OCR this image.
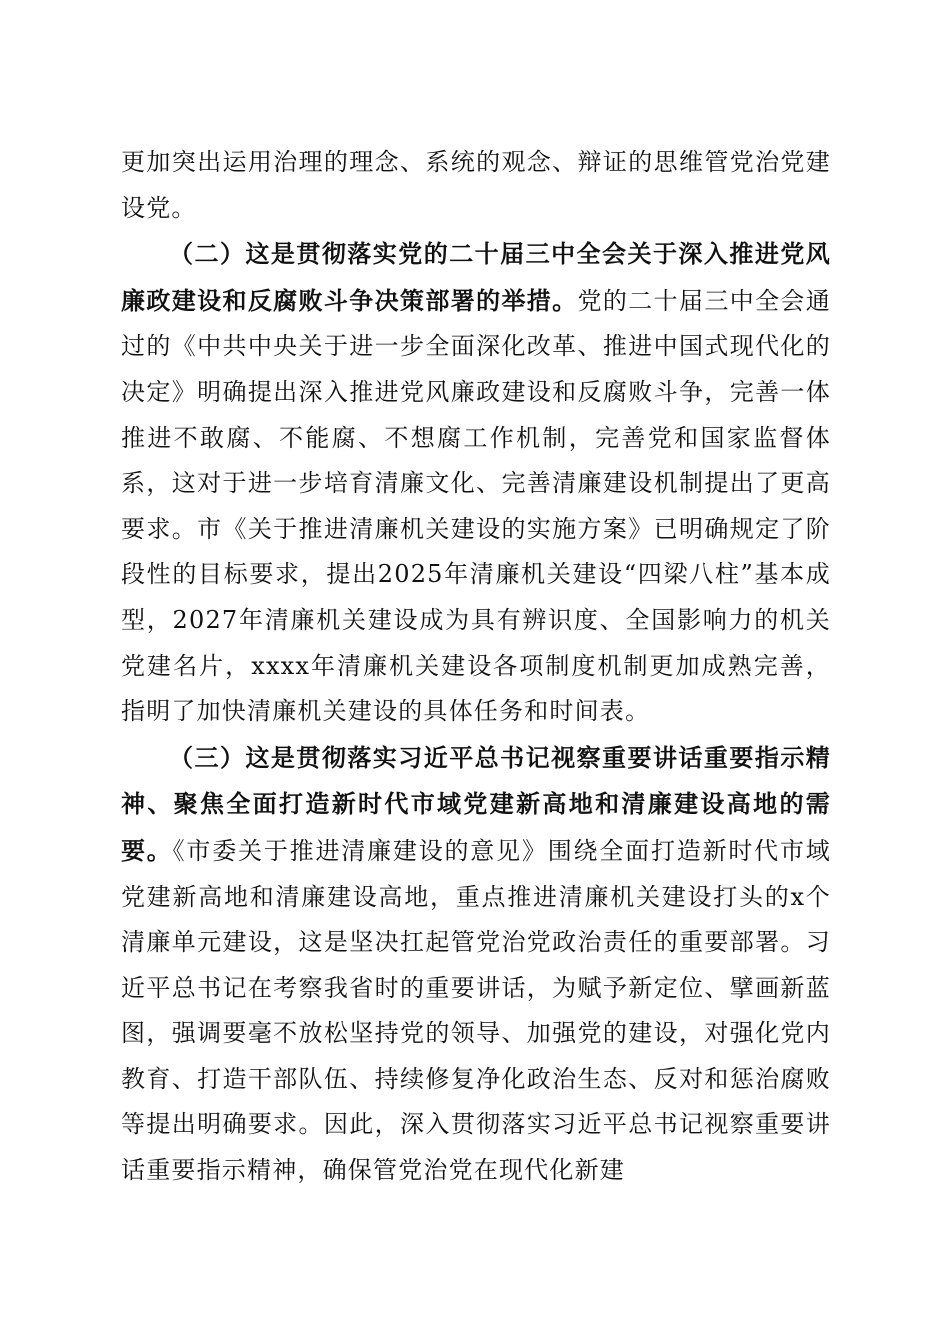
更加突出运用治理的理念、系统的观念、辩证的思维管党治党建设党。

（二）这是贯彻落实党的二十届三中全会关于深入推进党风廉政建设和反腐败斗争决策部署的举措。党的二十届三中全会通过的《中共中央关于进一步全面深化改革、推进中国式现代化的决定》明确提出深入推进党风廉政建设和反腐败斗争，完善一体推进不敢腐、不能腐、不想腐工作机制，完善党和国家监督体系，这对于进一步培育清廉文化、完善清廉建设机制提出了更高要求。市《关于推进清廉机关建设的实施方案》已明确规定了阶段性的目标要求，提出2025年清廉机关建设“四梁八柱”基本成型，2027年清廉机关建设成为具有辨识度、全国影响力的机关党建名片，xxxx年清廉机关建设各项制度机制更加成熟完善，指明了加快清廉机关建设的具体任务和时间表。

（三）这是贯彻落实习近平总书记视察重要讲话重要指示精神、聚焦全面打造新时代市域党建新高地和清廉建设高地的需要。《市委关于推进清廉建设的意见》围绕全面打造新时代市域党建新高地和清廉建设高地，重点推进清廉机关建设打头的x个清廉单元建设，这是坚决扛起管党治党政治责任的重要部署。习近平总书记在考察我省时的重要讲话，为赋予新定位、擘画新蓝图，强调要毫不放松坚持党的领导、加强党的建设，对强化党内教育、打造干部队伍、持续修复净化政治生态、反对和惩治腐败等提出明确要求。因此，深入贯彻落实习近平总书记视察重要讲话重要指示精神，确保管党治党在现代化新建
